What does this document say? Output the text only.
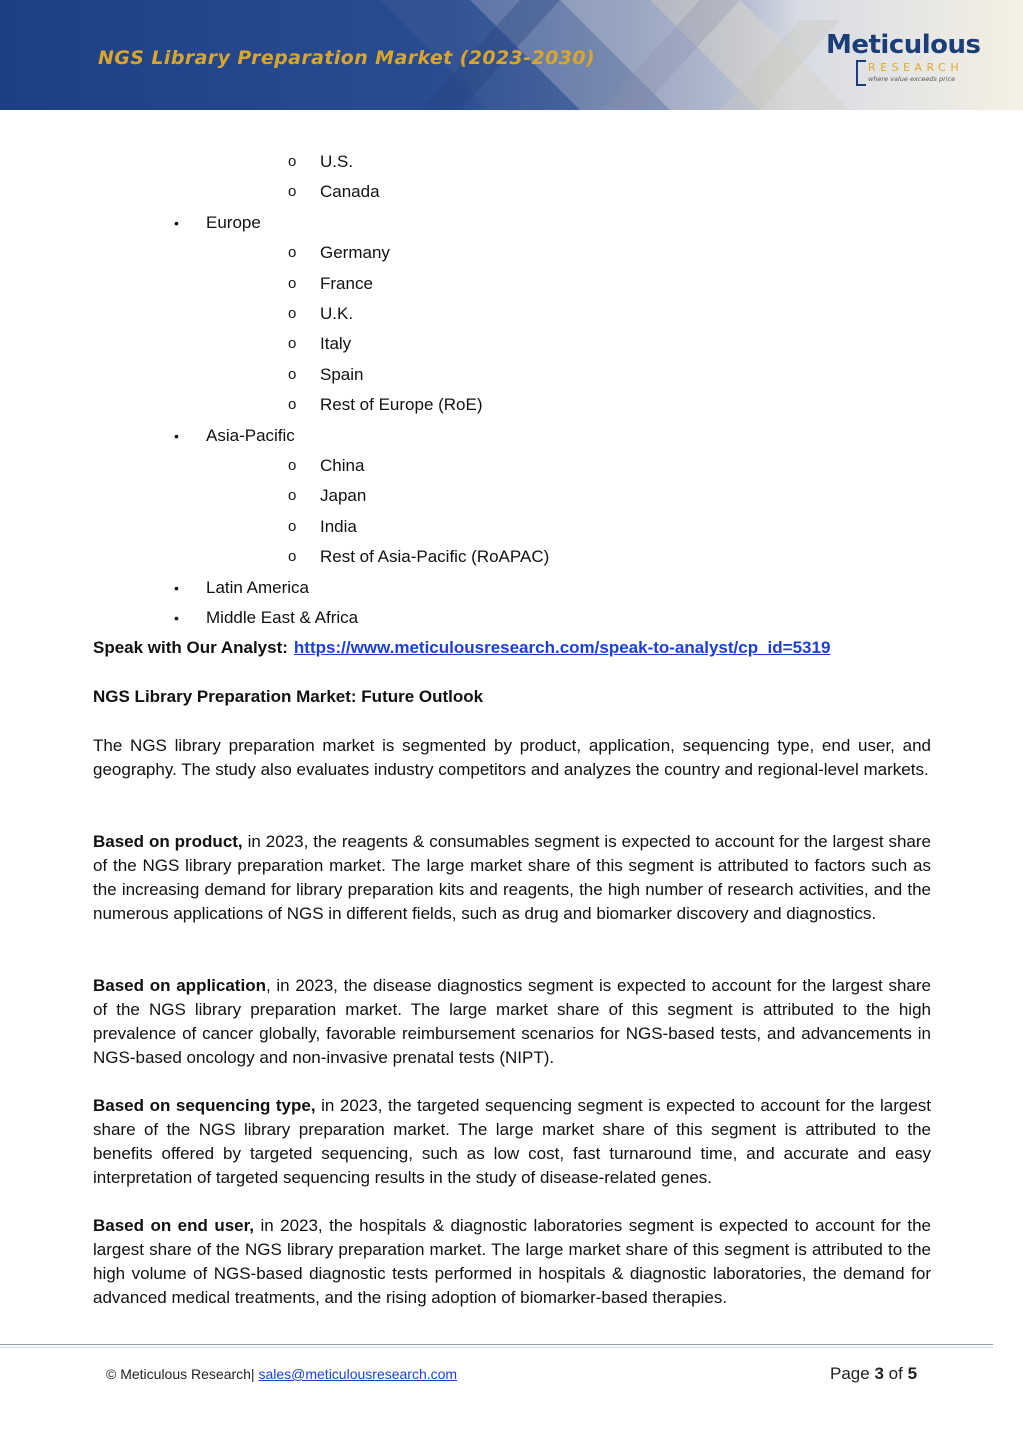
NGS Library Preparation Market (2023-2030)	Meticulous
RESEARCH
where value exceeds price
o U.S.
o Canada
• Europe
o Germany
o France
o U.K.
o Italy
o Spain
o Rest of Europe (RoE)
• Asia-Pacific
o China
o Japan
o India
o Rest of Asia-Pacific (RoAPAC)
• Latin America
• Middle East & Africa
Speak with Our Analyst: https://www.meticulousresearch.com/speak-to-analyst/cp_id=5319
NGS Library Preparation Market: Future Outlook
The NGS library preparation market is segmented by product, application, sequencing type, end user, and geography. The study also evaluates industry competitors and analyzes the country and regional-level markets.
Based on product, in 2023, the reagents & consumables segment is expected to account for the largest share of the NGS library preparation market. The large market share of this segment is attributed to factors such as the increasing demand for library preparation kits and reagents, the high number of research activities, and the numerous applications of NGS in different fields, such as drug and biomarker discovery and diagnostics.
Based on application, in 2023, the disease diagnostics segment is expected to account for the largest share of the NGS library preparation market. The large market share of this segment is attributed to the high prevalence of cancer globally, favorable reimbursement scenarios for NGS-based tests, and advancements in NGS-based oncology and non-invasive prenatal tests (NIPT).
Based on sequencing type, in 2023, the targeted sequencing segment is expected to account for the largest share of the NGS library preparation market. The large market share of this segment is attributed to the benefits offered by targeted sequencing, such as low cost, fast turnaround time, and accurate and easy interpretation of targeted sequencing results in the study of disease-related genes.
Based on end user, in 2023, the hospitals & diagnostic laboratories segment is expected to account for the largest share of the NGS library preparation market. The large market share of this segment is attributed to the high volume of NGS-based diagnostic tests performed in hospitals & diagnostic laboratories, the demand for advanced medical treatments, and the rising adoption of biomarker-based therapies.
© Meticulous Research| sales@meticulousresearch.com	Page 3 of 5
